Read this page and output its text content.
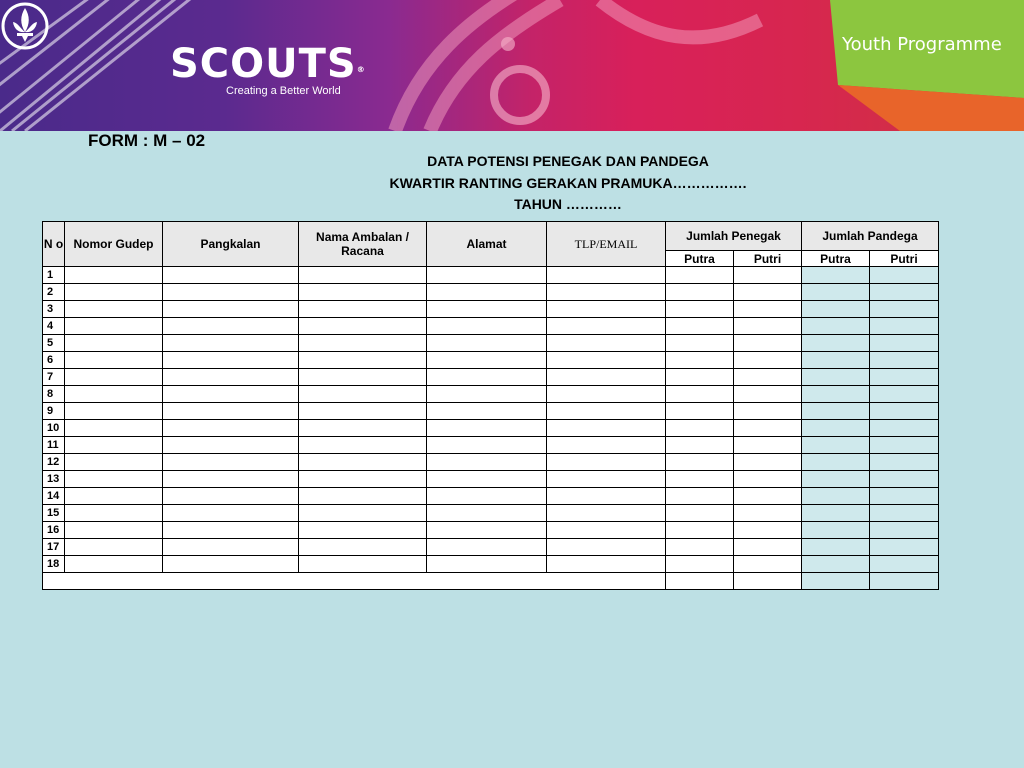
SCOUTS®
Creating a Better World
Youth Programme
FORM : M – 02
DATA POTENSI PENEGAK DAN PANDEGA
KWARTIR RANTING GERAKAN PRAMUKA…………….
TAHUN …………
N o	Nomor Gudep	Pangkalan	Nama Ambalan / Racana	Alamat	TLP/EMAIL	Jumlah Penegak		Jumlah Pandega	
						Putra	Putri	Putra	Putri
1									
2									
3									
4									
5									
6									
7									
8									
9									
10									
11									
12									
13									
14									
15									
16									
17									
18									
